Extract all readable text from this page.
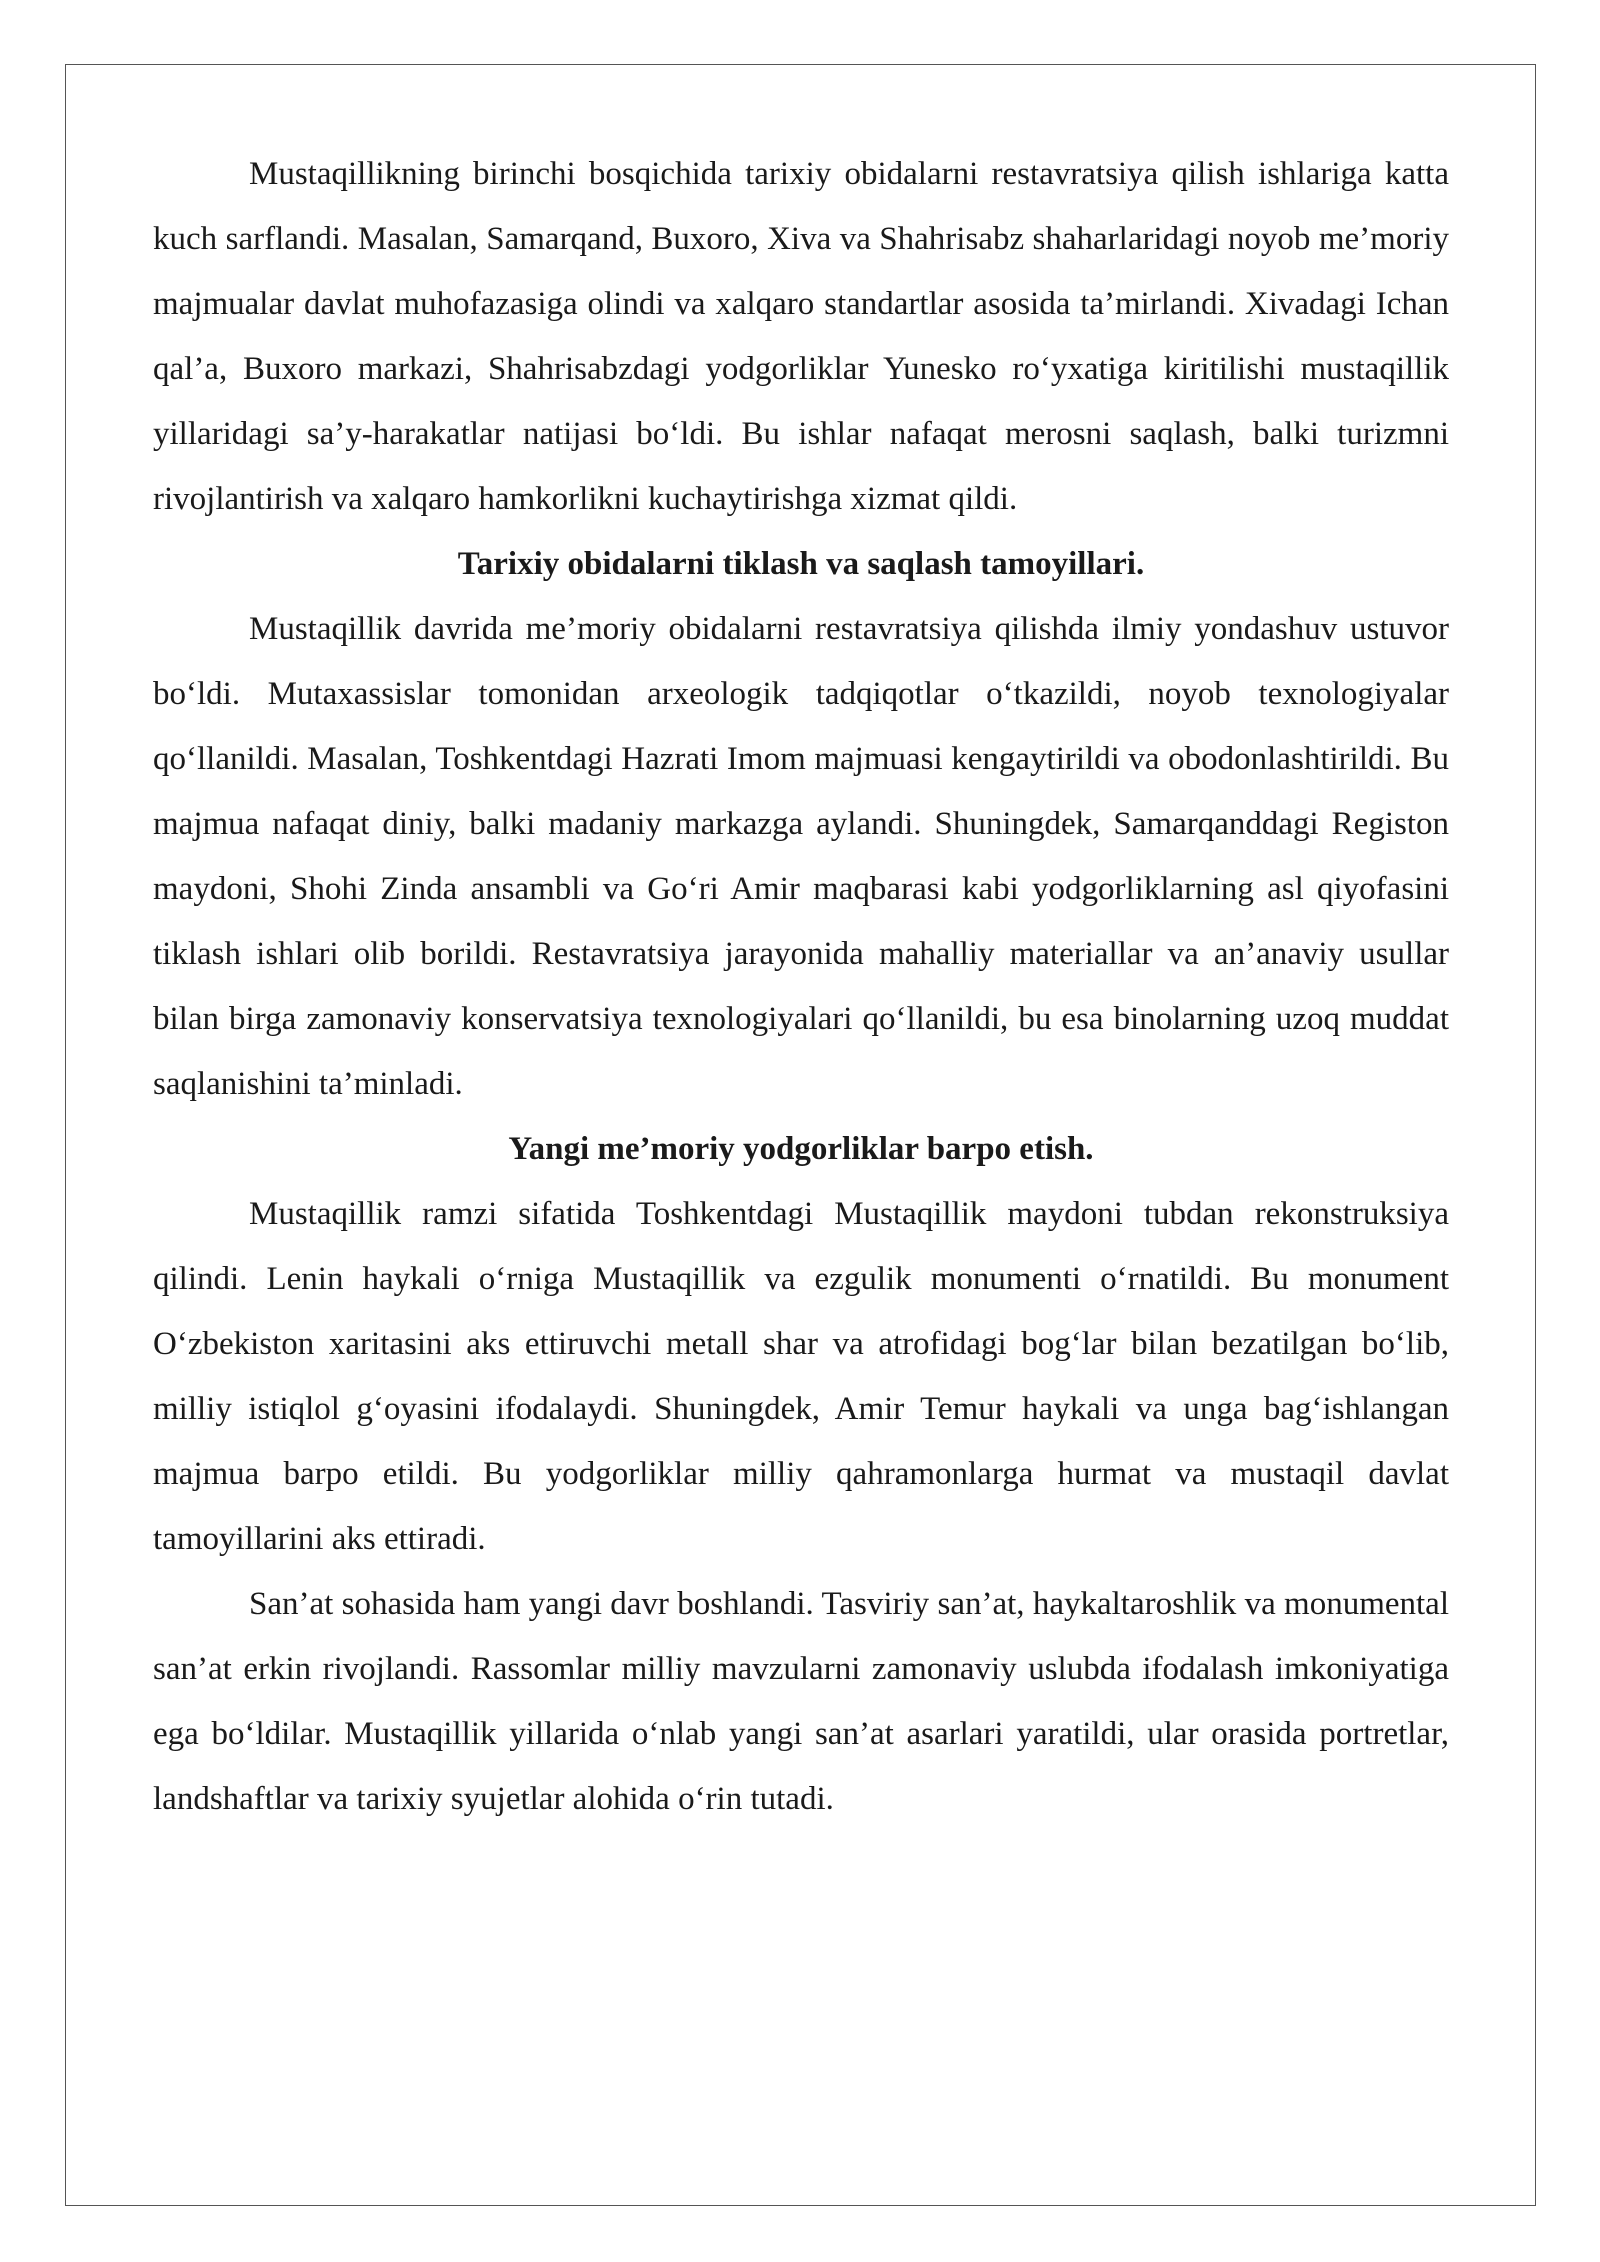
Mustaqillikning birinchi bosqichida tarixiy obidalarni restavratsiya qilish ishlariga katta kuch sarflandi. Masalan, Samarqand, Buxoro, Xiva va Shahrisabz shaharlaridagi noyob me’moriy majmualar davlat muhofazasiga olindi va xalqaro standartlar asosida ta’mirlandi. Xivadagi Ichan qal’a, Buxoro markazi, Shahrisabzdagi yodgorliklar Yunesko ro‘yxatiga kiritilishi mustaqillik yillaridagi sa’y-harakatlar natijasi bo‘ldi. Bu ishlar nafaqat merosni saqlash, balki turizmni rivojlantirish va xalqaro hamkorlikni kuchaytirishga xizmat qildi.

Tarixiy obidalarni tiklash va saqlash tamoyillari.

Mustaqillik davrida me’moriy obidalarni restavratsiya qilishda ilmiy yondashuv ustuvor bo‘ldi. Mutaxassislar tomonidan arxeologik tadqiqotlar o‘tkazildi, noyob texnologiyalar qo‘llanildi. Masalan, Toshkentdagi Hazrati Imom majmuasi kengaytirildi va obodonlashtirildi. Bu majmua nafaqat diniy, balki madaniy markazga aylandi. Shuningdek, Samarqanddagi Registon maydoni, Shohi Zinda ansambli va Go‘ri Amir maqbarasi kabi yodgorliklarning asl qiyofasini tiklash ishlari olib borildi. Restavratsiya jarayonida mahalliy materiallar va an’anaviy usullar bilan birga zamonaviy konservatsiya texnologiyalari qo‘llanildi, bu esa binolarning uzoq muddat saqlanishini ta’minladi.

Yangi me’moriy yodgorliklar barpo etish.

Mustaqillik ramzi sifatida Toshkentdagi Mustaqillik maydoni tubdan rekonstruksiya qilindi. Lenin haykali o‘rniga Mustaqillik va ezgulik monumenti o‘rnatildi. Bu monument O‘zbekiston xaritasini aks ettiruvchi metall shar va atrofidagi bog‘lar bilan bezatilgan bo‘lib, milliy istiqlol g‘oyasini ifodalaydi. Shuningdek, Amir Temur haykali va unga bag‘ishlangan majmua barpo etildi. Bu yodgorliklar milliy qahramonlarga hurmat va mustaqil davlat tamoyillarini aks ettiradi.

San’at sohasida ham yangi davr boshlandi. Tasviriy san’at, haykaltaroshlik va monumental san’at erkin rivojlandi. Rassomlar milliy mavzularni zamonaviy uslubda ifodalash imkoniyatiga ega bo‘ldilar. Mustaqillik yillarida o‘nlab yangi san’at asarlari yaratildi, ular orasida portretlar, landshaftlar va tarixiy syujetlar alohida o‘rin tutadi.
